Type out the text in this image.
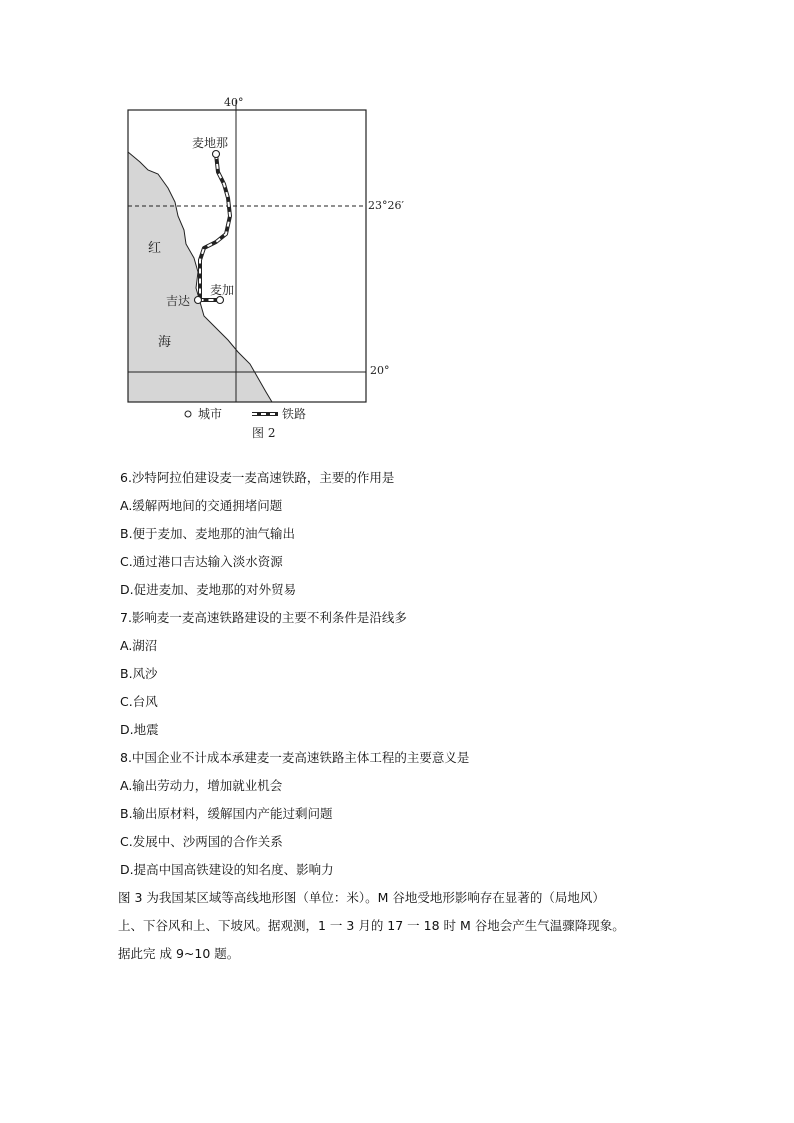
40°
23°26′
20°
麦地那
麦加
吉达
红
海
城市	铁路
图 2
6.沙特阿拉伯建设麦一麦高速铁路，主要的作用是
A.缓解两地间的交通拥堵问题
B.便于麦加、麦地那的油气输出
C.通过港口吉达输入淡水资源
D.促进麦加、麦地那的对外贸易
7.影响麦一麦高速铁路建设的主要不利条件是沿线多
A.湖沼
B.风沙
C.台风
D.地震
8.中国企业不计成本承建麦一麦高速铁路主体工程的主要意义是
A.输出劳动力，增加就业机会
B.输出原材料，缓解国内产能过剩问题
C.发展中、沙两国的合作关系
D.提高中国高铁建设的知名度、影响力
图 3 为我国某区域等高线地形图（单位：米）。M 谷地受地形影响存在显著的（局地风）
上、下谷风和上、下坡风。据观测，1 一 3 月的 17 一 18 时 M 谷地会产生气温骤降现象。
据此完 成 9~10 题。
